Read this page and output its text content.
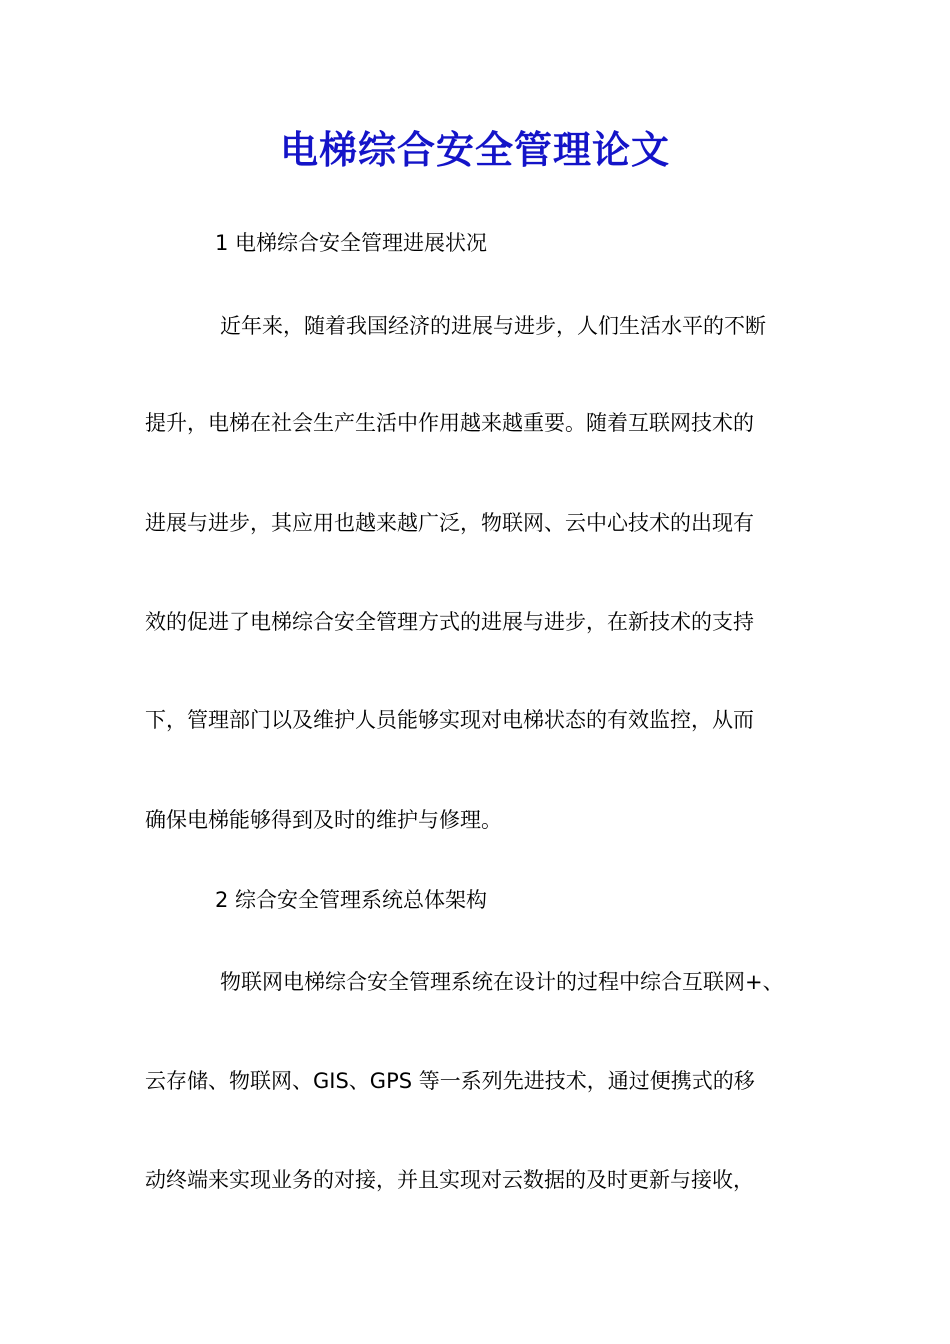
电梯综合安全管理论文
1 电梯综合安全管理进展状况
近年来，随着我国经济的进展与进步，人们生活水平的不断
提升，电梯在社会生产生活中作用越来越重要。随着互联网技术的
进展与进步，其应用也越来越广泛，物联网、云中心技术的出现有
效的促进了电梯综合安全管理方式的进展与进步，在新技术的支持
下，管理部门以及维护人员能够实现对电梯状态的有效监控，从而
确保电梯能够得到及时的维护与修理。
2 综合安全管理系统总体架构
物联网电梯综合安全管理系统在设计的过程中综合互联网+、
云存储、物联网、GIS、GPS 等一系列先进技术，通过便携式的移
动终端来实现业务的对接，并且实现对云数据的及时更新与接收，
